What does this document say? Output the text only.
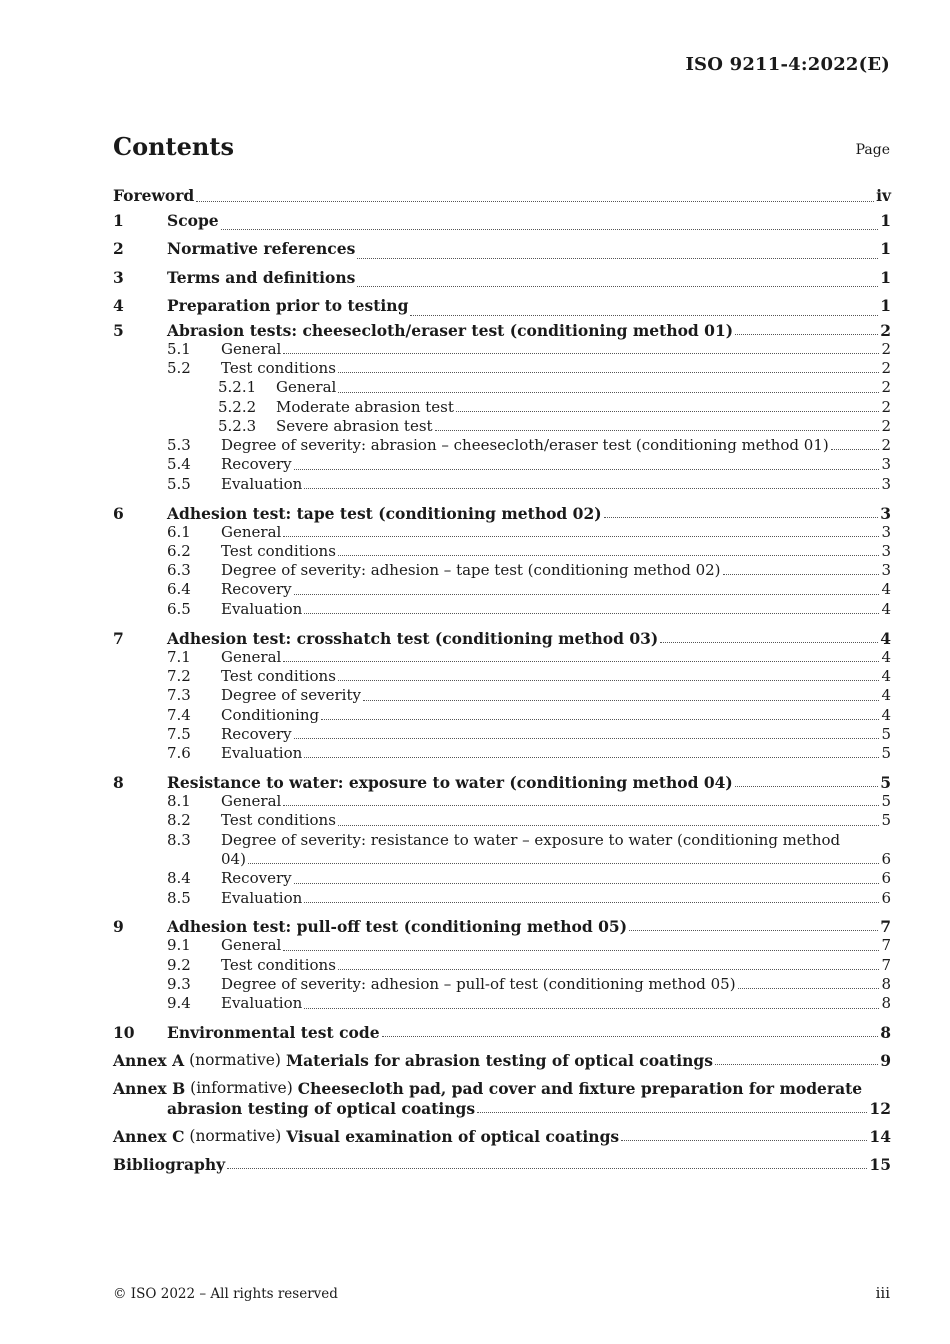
ISO 9211-4:2022(E)
Contents	Page
Foreword	iv
1	Scope	1
2	Normative references	1
3	Terms and definitions	1
4	Preparation prior to testing	1
5	Abrasion tests: cheesecloth/eraser test (conditioning method 01)	2
5.1	General	2
5.2	Test conditions	2
5.2.1	General	2
5.2.2	Moderate abrasion test	2
5.2.3	Severe abrasion test	2
5.3	Degree of severity: abrasion – cheesecloth/eraser test (conditioning method 01)	2
5.4	Recovery	3
5.5	Evaluation	3
6	Adhesion test: tape test (conditioning method 02)	3
6.1	General	3
6.2	Test conditions	3
6.3	Degree of severity: adhesion – tape test (conditioning method 02)	3
6.4	Recovery	4
6.5	Evaluation	4
7	Adhesion test: crosshatch test (conditioning method 03)	4
7.1	General	4
7.2	Test conditions	4
7.3	Degree of severity	4
7.4	Conditioning	4
7.5	Recovery	5
7.6	Evaluation	5
8	Resistance to water: exposure to water (conditioning method 04)	5
8.1	General	5
8.2	Test conditions	5
8.3	Degree of severity: resistance to water – exposure to water (conditioning method
04)	6
8.4	Recovery	6
8.5	Evaluation	6
9	Adhesion test: pull-off test (conditioning method 05)	7
9.1	General	7
9.2	Test conditions	7
9.3	Degree of severity: adhesion – pull-of test (conditioning method 05)	8
9.4	Evaluation	8
10	Environmental test code	8
Annex A (normative) Materials for abrasion testing of optical coatings	9
Annex B (informative) Cheesecloth pad, pad cover and fixture preparation for moderate
abrasion testing of optical coatings	12
Annex C (normative) Visual examination of optical coatings	14
Bibliography	15
© ISO 2022 – All rights reserved	iii
